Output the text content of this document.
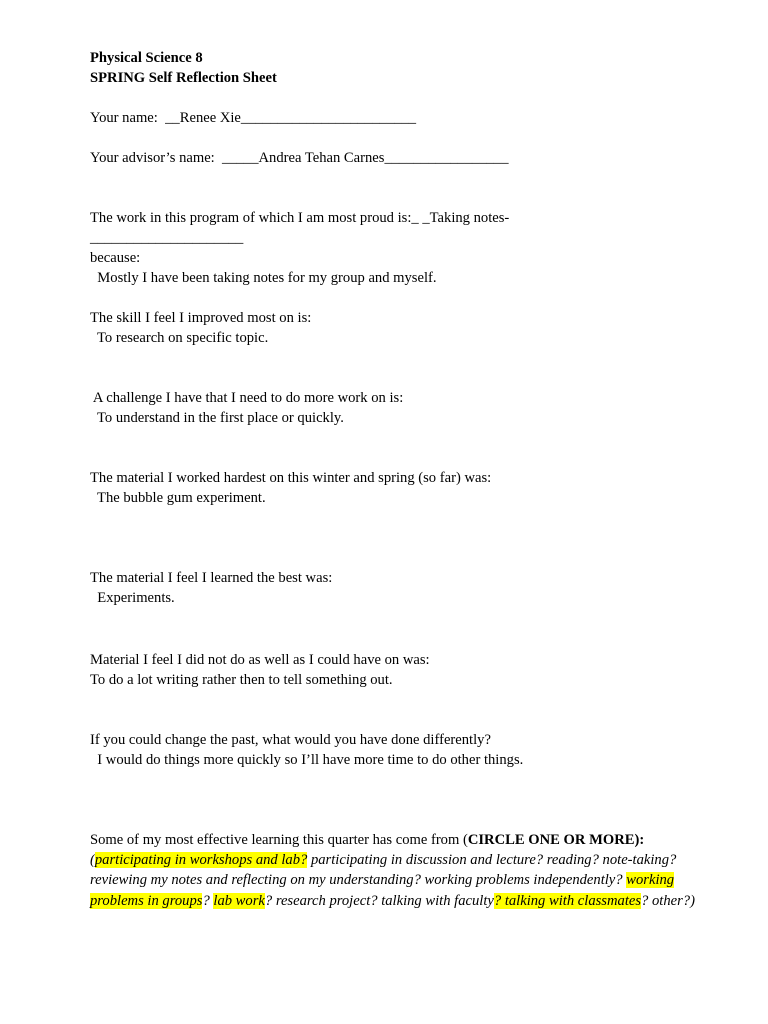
Physical Science 8
SPRING Self Reflection Sheet
Your name:  __Renee Xie________________________
Your advisor’s name:  _____Andrea Tehan Carnes_________________
The work in this program of which I am most proud is:_ _Taking notes-
_____________________
because:
Mostly I have been taking notes for my group and myself.
The skill I feel I improved most on is:
To research on specific topic.
A challenge I have that I need to do more work on is:
To understand in the first place or quickly.
The material I worked hardest on this winter and spring (so far) was:
The bubble gum experiment.
The material I feel I learned the best was:
Experiments.
Material I feel I did not do as well as I could have on was:
To do a lot writing rather then to tell something out.
If you could change the past, what would you have done differently?
I would do things more quickly so I’ll have more time to do other things.
Some of my most effective learning this quarter has come from (CIRCLE ONE OR MORE): (participating in workshops and lab? participating in discussion and lecture? reading? note-taking? reviewing my notes and reflecting on my understanding? working problems independently? working problems in groups? lab work? research project? talking with faculty? talking with classmates? other?)
